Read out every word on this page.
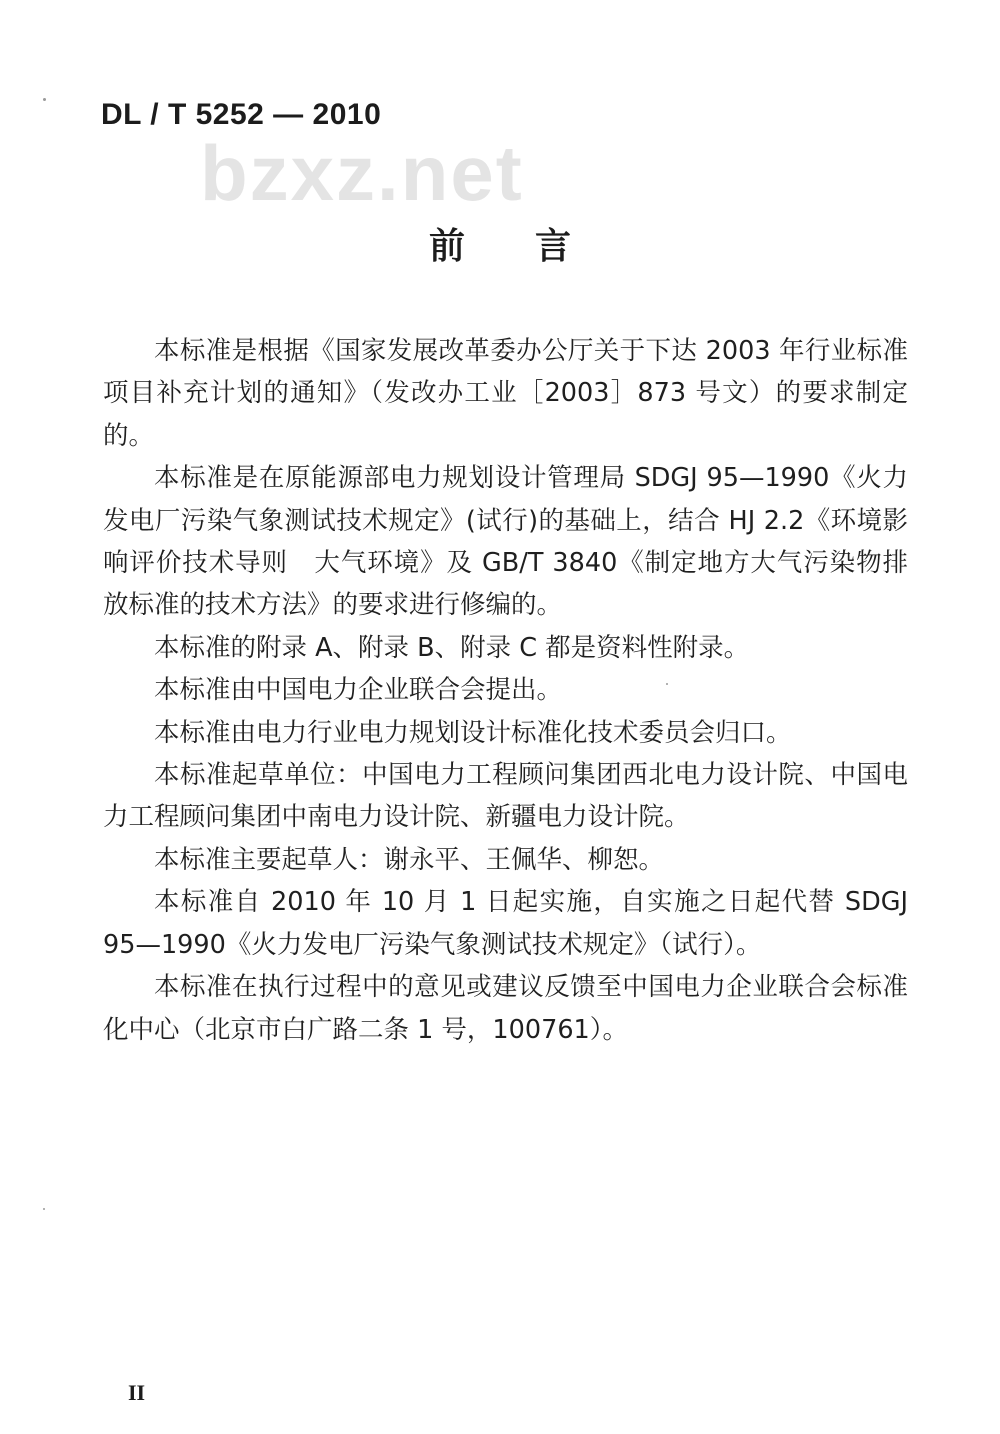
DL / T 5252 — 2010
bzxz.net
前言

本标准是根据《国家发展改革委办公厅关于下达 2003 年行业标准项目补充计划的通知》（发改办工业［2003］873 号文）的要求制定的。

本标准是在原能源部电力规划设计管理局 SDGJ 95—1990《火力发电厂污染气象测试技术规定》(试行)的基础上，结合 HJ 2.2《环境影响评价技术导则　大气环境》及 GB/T 3840《制定地方大气污染物排放标准的技术方法》的要求进行修编的。

本标准的附录 A、附录 B、附录 C 都是资料性附录。

本标准由中国电力企业联合会提出。

本标准由电力行业电力规划设计标准化技术委员会归口。

本标准起草单位：中国电力工程顾问集团西北电力设计院、中国电力工程顾问集团中南电力设计院、新疆电力设计院。

本标准主要起草人：谢永平、王佩华、柳恕。

本标准自 2010 年 10 月 1 日起实施，自实施之日起代替 SDGJ 95—1990《火力发电厂污染气象测试技术规定》（试行）。

本标准在执行过程中的意见或建议反馈至中国电力企业联合会标准化中心（北京市白广路二条 1 号，100761）。

II
